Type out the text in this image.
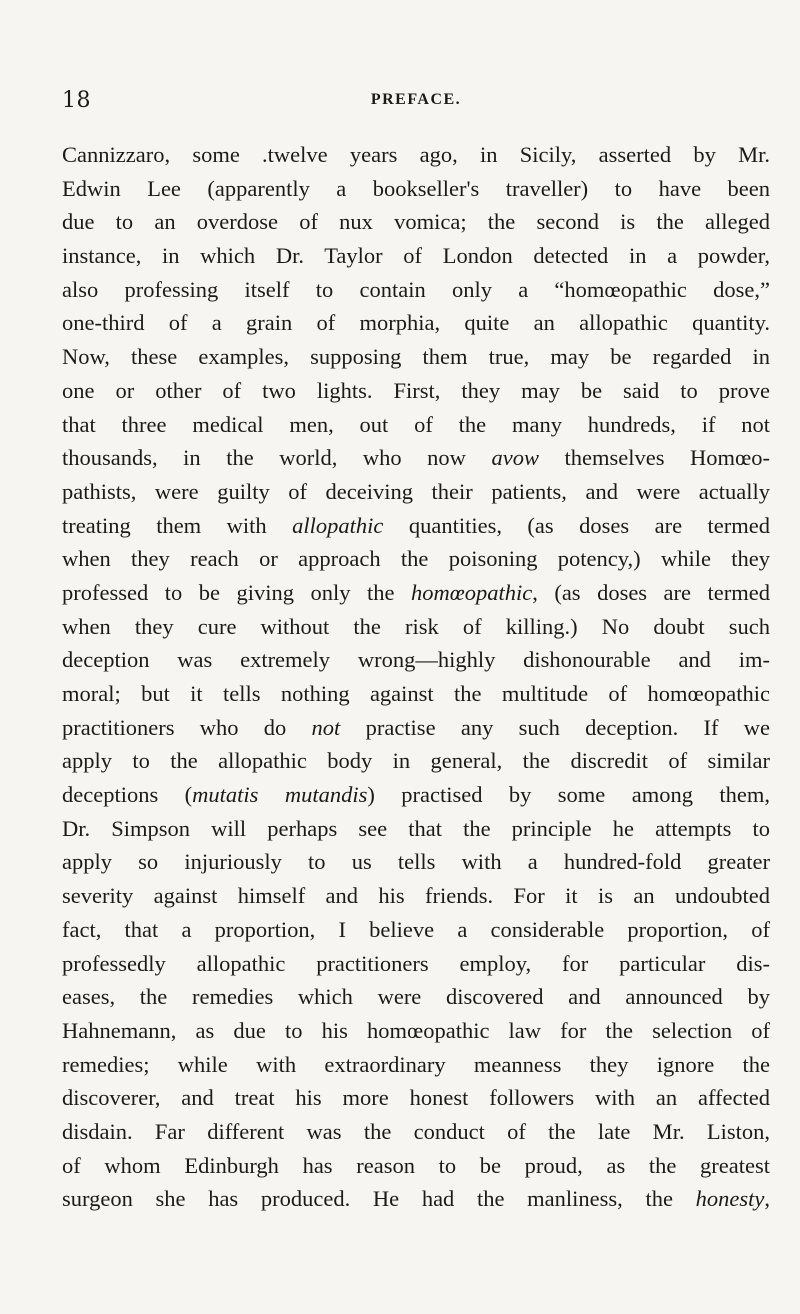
18	PREFACE.
Cannizzaro, some .twelve years ago, in Sicily, asserted by Mr.
Edwin Lee (apparently a bookseller's traveller) to have been
due to an overdose of nux vomica; the second is the alleged
instance, in which Dr. Taylor of London detected in a powder,
also professing itself to contain only a “homœopathic dose,”
one-third of a grain of morphia, quite an allopathic quantity.
Now, these examples, supposing them true, may be regarded in
one or other of two lights. First, they may be said to prove
that three medical men, out of the many hundreds, if not
thousands, in the world, who now avow themselves Homœo-
pathists, were guilty of deceiving their patients, and were actually
treating them with allopathic quantities, (as doses are termed
when they reach or approach the poisoning potency,) while they
professed to be giving only the homœopathic, (as doses are termed
when they cure without the risk of killing.) No doubt such
deception was extremely wrong—highly dishonourable and im-
moral; but it tells nothing against the multitude of homœopathic
practitioners who do not practise any such deception. If we
apply to the allopathic body in general, the discredit of similar
deceptions (mutatis mutandis) practised by some among them,
Dr. Simpson will perhaps see that the principle he attempts to
apply so injuriously to us tells with a hundred-fold greater
severity against himself and his friends. For it is an undoubted
fact, that a proportion, I believe a considerable proportion, of
professedly allopathic practitioners employ, for particular dis-
eases, the remedies which were discovered and announced by
Hahnemann, as due to his homœopathic law for the selection of
remedies; while with extraordinary meanness they ignore the
discoverer, and treat his more honest followers with an affected
disdain. Far different was the conduct of the late Mr. Liston,
of whom Edinburgh has reason to be proud, as the greatest
surgeon she has produced. He had the manliness, the honesty,
